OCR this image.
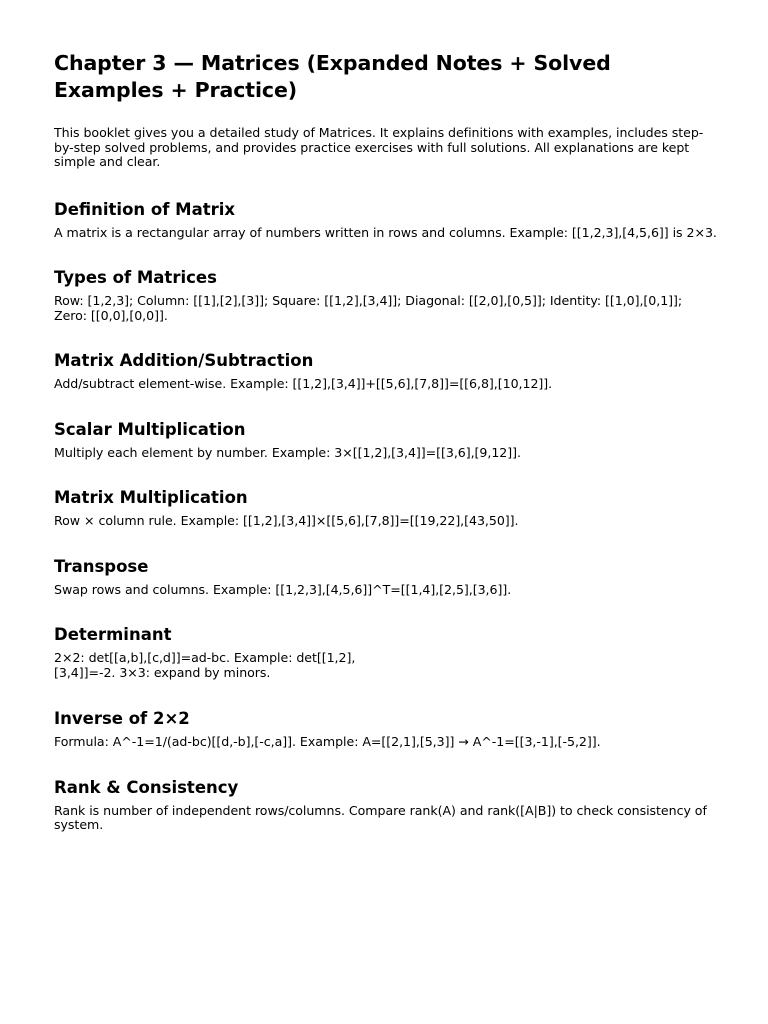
Chapter 3 — Matrices (Expanded Notes + Solved Examples + Practice)

This booklet gives you a detailed study of Matrices. It explains definitions with examples, includes step-by-step solved problems, and provides practice exercises with full solutions. All explanations are kept simple and clear.

Definition of Matrix

A matrix is a rectangular array of numbers written in rows and columns. Example: [[1,2,3],[4,5,6]] is 2×3.

Types of Matrices

Row: [1,2,3]; Column: [[1],[2],[3]]; Square: [[1,2],[3,4]]; Diagonal: [[2,0],[0,5]]; Identity: [[1,0],[0,1]]; Zero: [[0,0],[0,0]].

Matrix Addition/Subtraction

Add/subtract element-wise. Example: [[1,2],[3,4]]+[[5,6],[7,8]]=[[6,8],[10,12]].

Scalar Multiplication

Multiply each element by number. Example: 3×[[1,2],[3,4]]=[[3,6],[9,12]].

Matrix Multiplication

Row × column rule. Example: [[1,2],[3,4]]×[[5,6],[7,8]]=[[19,22],[43,50]].

Transpose

Swap rows and columns. Example: [[1,2,3],[4,5,6]]^T=[[1,4],[2,5],[3,6]].

Determinant

2×2: det[[a,b],[c,d]]=ad-bc. Example: det[[1,2],[3,4]]=-2. 3×3: expand by minors.

Inverse of 2×2

Formula: A^-1=1/(ad-bc)[[d,-b],[-c,a]]. Example: A=[[2,1],[5,3]] → A^-1=[[3,-1],[-5,2]].

Rank & Consistency

Rank is number of independent rows/columns. Compare rank(A) and rank([A|B]) to check consistency of system.
